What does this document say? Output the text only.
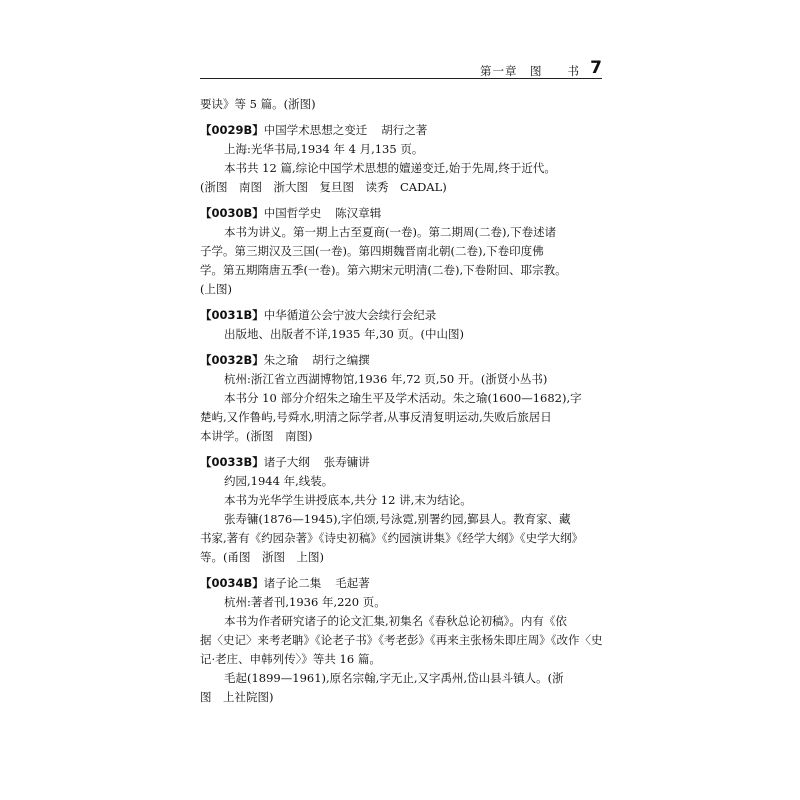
第一章　图　　书 7
要诀》等 5 篇。(浙图)
【0029B】中国学术思想之变迁 胡行之著
上海:光华书局,1934 年 4 月,135 页。
本书共 12 篇,综论中国学术思想的嬗递变迁,始于先周,终于近代。
(浙图　南图　浙大图　复旦图　读秀　CADAL)
【0030B】中国哲学史 陈汉章辑
本书为讲义。第一期上古至夏商(一卷)。第二期周(二卷),下卷述诸
子学。第三期汉及三国(一卷)。第四期魏晋南北朝(二卷),下卷印度佛
学。第五期隋唐五季(一卷)。第六期宋元明清(二卷),下卷附回、耶宗教。
(上图)
【0031B】中华循道公会宁波大会续行会纪录
出版地、出版者不详,1935 年,30 页。(中山图)
【0032B】朱之瑜 胡行之编撰
杭州:浙江省立西湖博物馆,1936 年,72 页,50 开。(浙贤小丛书)
本书分 10 部分介绍朱之瑜生平及学术活动。朱之瑜(1600—1682),字
楚屿,又作鲁屿,号舜水,明清之际学者,从事反清复明运动,失败后旅居日
本讲学。(浙图　南图)
【0033B】诸子大纲 张寿镛讲
约园,1944 年,线装。
本书为光华学生讲授底本,共分 12 讲,末为结论。
张寿镛(1876—1945),字伯颂,号泳霓,别署约园,鄞县人。教育家、藏
书家,著有《约园杂著》《诗史初稿》《约园演讲集》《经学大纲》《史学大纲》
等。(甬图　浙图　上图)
【0034B】诸子论二集 毛起著
杭州:著者刊,1936 年,220 页。
本书为作者研究诸子的论文汇集,初集名《春秋总论初稿》。内有《依
据〈史记〉来考老聃》《论老子书》《考老彭》《再来主张杨朱即庄周》《改作〈史
记·老庄、申韩列传〉》等共 16 篇。
毛起(1899—1961),原名宗翰,字无止,又字禹州,岱山县斗镇人。(浙
图　上社院图)
